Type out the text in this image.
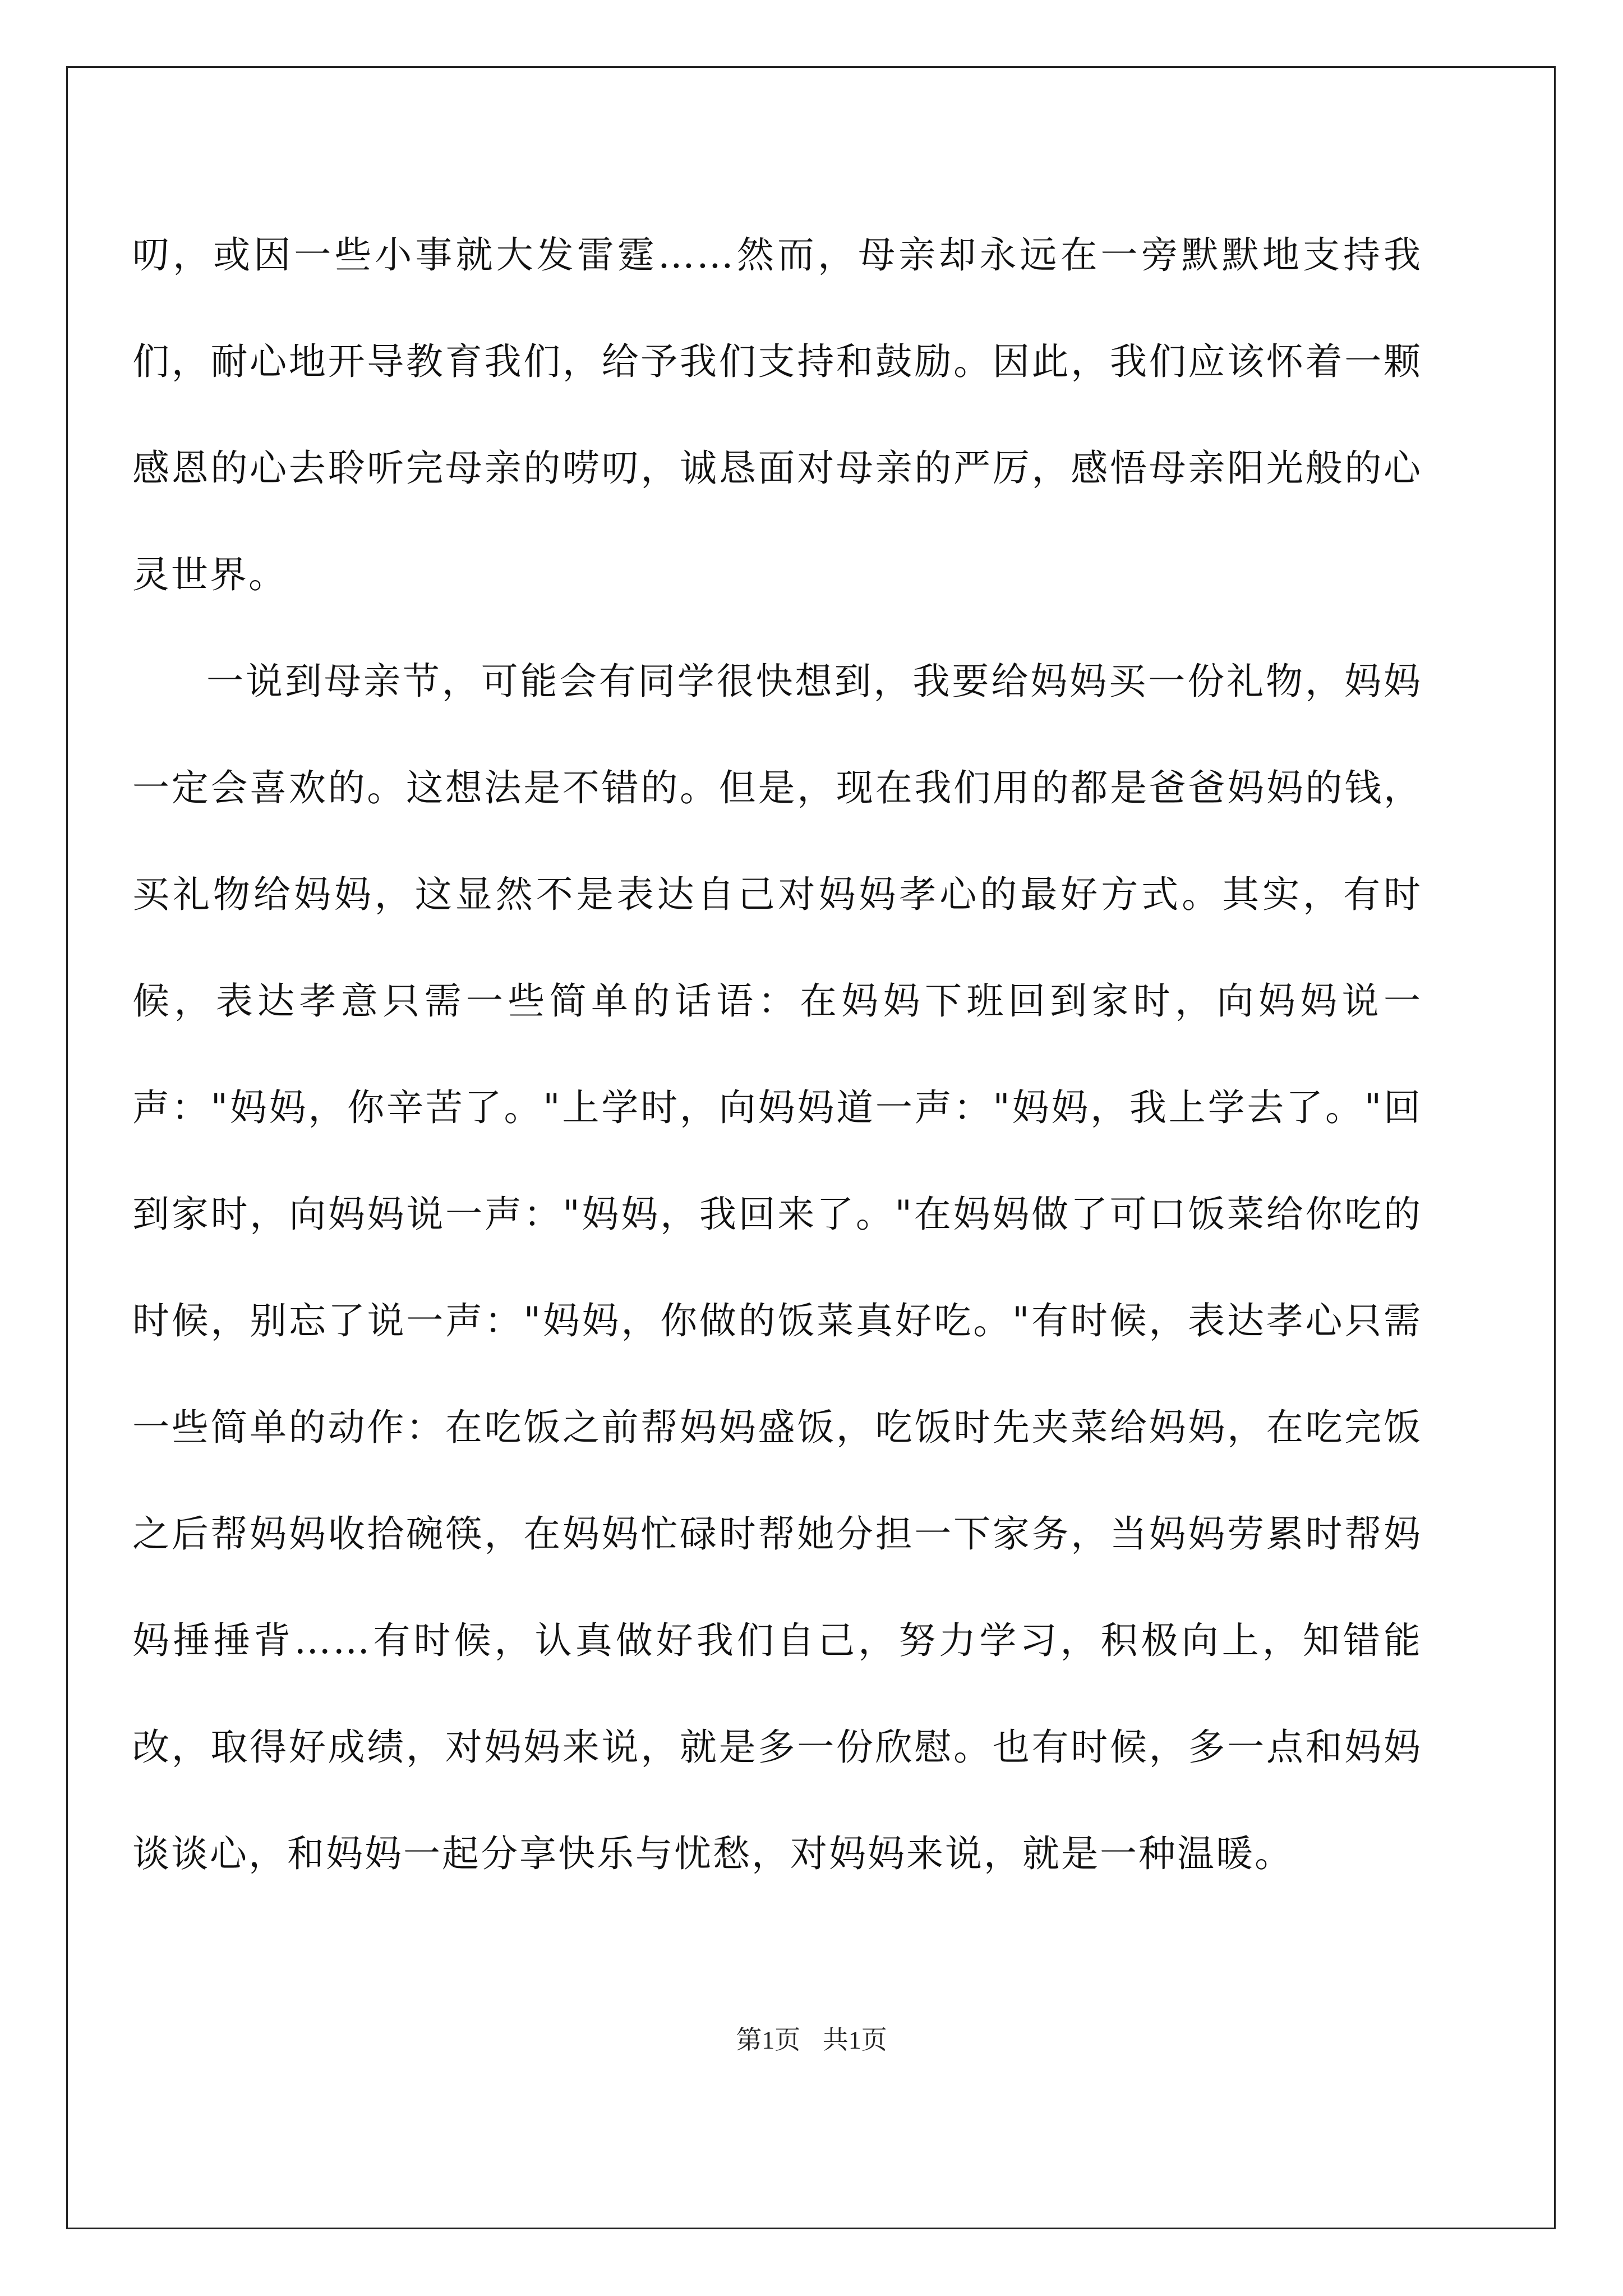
叨，或因一些小事就大发雷霆……然而，母亲却永远在一旁默默地支持我们，耐心地开导教育我们，给予我们支持和鼓励。因此，我们应该怀着一颗感恩的心去聆听完母亲的唠叨，诚恳面对母亲的严厉，感悟母亲阳光般的心灵世界。

一说到母亲节，可能会有同学很快想到，我要给妈妈买一份礼物，妈妈一定会喜欢的。这想法是不错的。但是，现在我们用的都是爸爸妈妈的钱，买礼物给妈妈，这显然不是表达自己对妈妈孝心的最好方式。其实，有时候，表达孝意只需一些简单的话语：在妈妈下班回到家时，向妈妈说一声："妈妈，你辛苦了。"上学时，向妈妈道一声："妈妈，我上学去了。"回到家时，向妈妈说一声："妈妈，我回来了。"在妈妈做了可口饭菜给你吃的时候，别忘了说一声："妈妈，你做的饭菜真好吃。"有时候，表达孝心只需一些简单的动作：在吃饭之前帮妈妈盛饭，吃饭时先夹菜给妈妈，在吃完饭之后帮妈妈收拾碗筷，在妈妈忙碌时帮她分担一下家务，当妈妈劳累时帮妈妈捶捶背……有时候，认真做好我们自己，努力学习，积极向上，知错能改，取得好成绩，对妈妈来说，就是多一份欣慰。也有时候，多一点和妈妈谈谈心，和妈妈一起分享快乐与忧愁，对妈妈来说，就是一种温暖。

第1页 共1页
